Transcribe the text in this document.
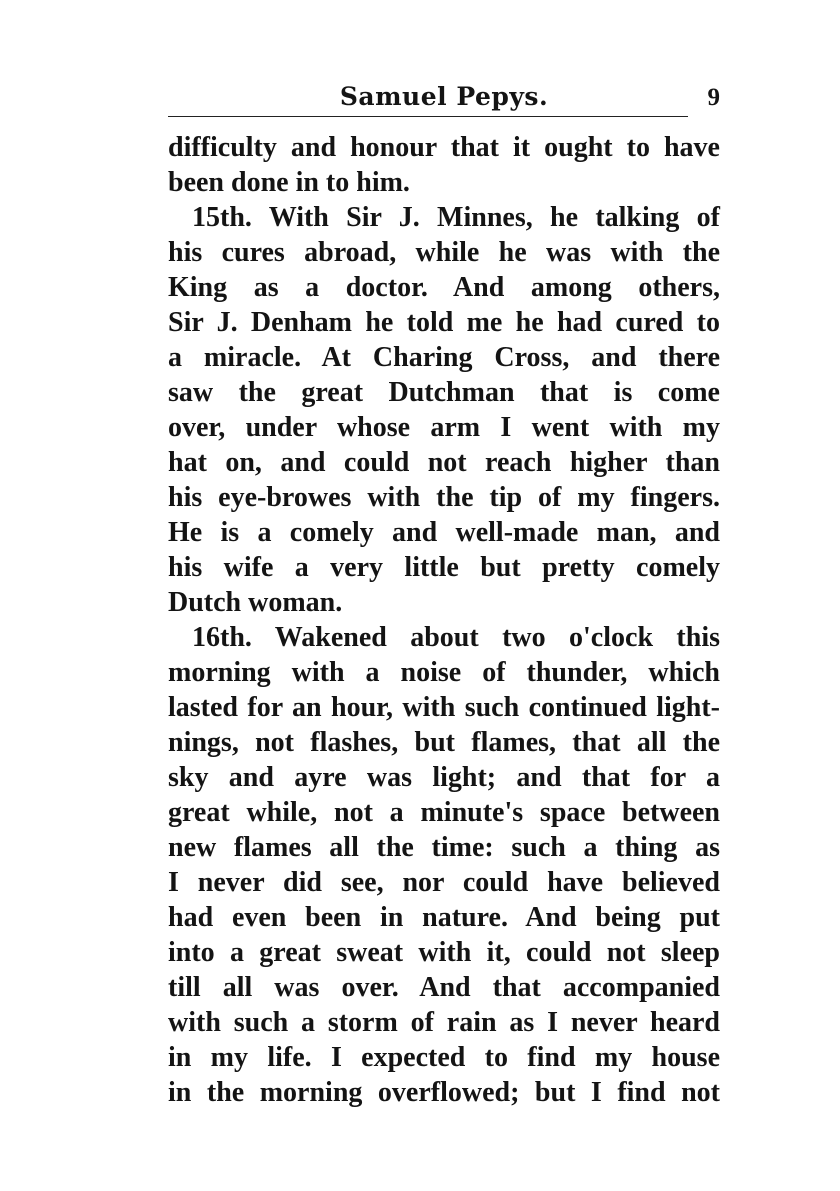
Samuel Pepys.	9
difficulty and honour that it ought to have
been done in to him.
15th. With Sir J. Minnes, he talking of
his cures abroad, while he was with the
King as a doctor. And among others,
Sir J. Denham he told me he had cured to
a miracle. At Charing Cross, and there
saw the great Dutchman that is come
over, under whose arm I went with my
hat on, and could not reach higher than
his eye-browes with the tip of my fingers.
He is a comely and well-made man, and
his wife a very little but pretty comely
Dutch woman.
16th. Wakened about two o'clock this
morning with a noise of thunder, which
lasted for an hour, with such continued light-
nings, not flashes, but flames, that all the
sky and ayre was light; and that for a
great while, not a minute's space between
new flames all the time: such a thing as
I never did see, nor could have believed
had even been in nature. And being put
into a great sweat with it, could not sleep
till all was over. And that accompanied
with such a storm of rain as I never heard
in my life. I expected to find my house
in the morning overflowed; but I find not
